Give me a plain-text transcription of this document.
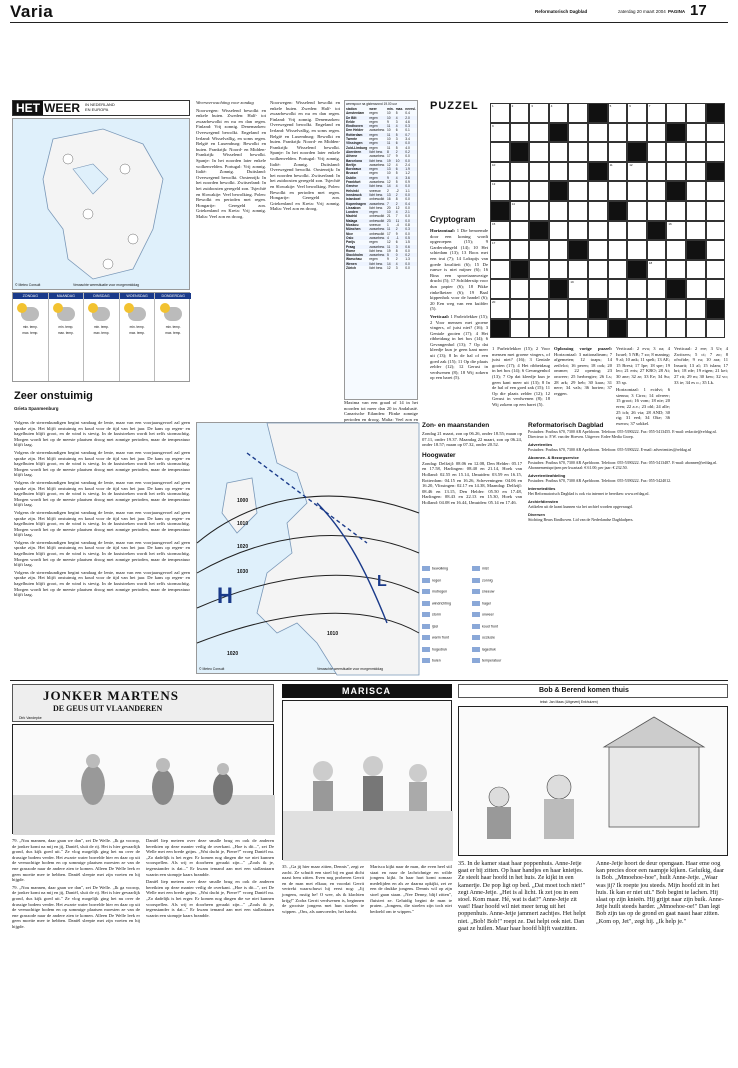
Varia	Reformatorisch Dagblad	zaterdag 20 maart 2004 PAGINA 17
HET WEER	IN NEDERLAND
EN EUROPA
© Meteo Consult	Verwachte weersituatie voor morgenmiddag
ZONDAG
min. temp.
max. temp.
MAANDAG
min. temp.
max. temp.
DINSDAG
min. temp.
max. temp.
WOENSDAG
min. temp.
max. temp.
DONDERDAG
min. temp.
max. temp.
Zeer onstuimig
Grieta Spanmenburg

Volgens de sterrenkundigen begint vandaag de lente, maar van een voorjaarsgevoel zal geen sprake zijn. Het blijft onstuimig en koud voor de tijd van het jaar. De kans op regen- en hagelbuien blijft groot, en de wind is stevig. In de kuststreken wordt het zelfs stormachtig. Morgen wordt het op de meeste plaatsen droog met zonnige perioden, maar de temperatuur blijft laag.

Volgens de sterrenkundigen begint vandaag de lente, maar van een voorjaarsgevoel zal geen sprake zijn. Het blijft onstuimig en koud voor de tijd van het jaar. De kans op regen- en hagelbuien blijft groot, en de wind is stevig. In de kuststreken wordt het zelfs stormachtig. Morgen wordt het op de meeste plaatsen droog met zonnige perioden, maar de temperatuur blijft laag.

Volgens de sterrenkundigen begint vandaag de lente, maar van een voorjaarsgevoel zal geen sprake zijn. Het blijft onstuimig en koud voor de tijd van het jaar. De kans op regen- en hagelbuien blijft groot, en de wind is stevig. In de kuststreken wordt het zelfs stormachtig. Morgen wordt het op de meeste plaatsen droog met zonnige perioden, maar de temperatuur blijft laag.

Volgens de sterrenkundigen begint vandaag de lente, maar van een voorjaarsgevoel zal geen sprake zijn. Het blijft onstuimig en koud voor de tijd van het jaar. De kans op regen- en hagelbuien blijft groot, en de wind is stevig. In de kuststreken wordt het zelfs stormachtig. Morgen wordt het op de meeste plaatsen droog met zonnige perioden, maar de temperatuur blijft laag.

Volgens de sterrenkundigen begint vandaag de lente, maar van een voorjaarsgevoel zal geen sprake zijn. Het blijft onstuimig en koud voor de tijd van het jaar. De kans op regen- en hagelbuien blijft groot, en de wind is stevig. In de kuststreken wordt het zelfs stormachtig. Morgen wordt het op de meeste plaatsen droog met zonnige perioden, maar de temperatuur blijft laag.

Volgens de sterrenkundigen begint vandaag de lente, maar van een voorjaarsgevoel zal geen sprake zijn. Het blijft onstuimig en koud voor de tijd van het jaar. De kans op regen- en hagelbuien blijft groot, en de wind is stevig. In de kuststreken wordt het zelfs stormachtig. Morgen wordt het op de meeste plaatsen droog met zonnige perioden, maar de temperatuur blijft laag.

Weersverwachting voor zondag

Noorwegen: Wisselend bewolkt en enkele buien. Zweden: Half- tot zwaarbewolkt en nu en dan regen. Finland: Vrij zonnig. Denemarken: Overwegend bewolkt. Engeland en Ierland: Wisselvallig, en soms regen. België en Luxemburg: Bewolkt en buien. Frankrijk: Noord- en Midden-Frankrijk: Wisselend bewolkt. Spanje: In het noorden later enkele wolkenvelden. Portugal: Vrij zonnig. Italië: Zonnig. Duitsland: Overwegend bewolkt. Oostenrijk: In het noorden bewolkt. Zwitserland: In het zuidoosten geregeld zon. Tsjechië en Slowakije: Veel bewolking. Polen: Bewolkt en perioden met regen. Hongarije: Geregeld zon. Griekenland en Kreta: Vrij zonnig. Malta: Veel zon en droog.

Noorwegen: Wisselend bewolkt en enkele buien. Zweden: Half- tot zwaarbewolkt en nu en dan regen. Finland: Vrij zonnig. Denemarken: Overwegend bewolkt. Engeland en Ierland: Wisselvallig, en soms regen. België en Luxemburg: Bewolkt en buien. Frankrijk: Noord- en Midden-Frankrijk: Wisselend bewolkt. Spanje: In het noorden later enkele wolkenvelden. Portugal: Vrij zonnig. Italië: Zonnig. Duitsland: Overwegend bewolkt. Oostenrijk: In het noorden bewolkt. Zwitserland: In het zuidoosten geregeld zon. Tsjechië en Slowakije: Veel bewolking. Polen: Bewolkt en perioden met regen. Hongarije: Geregeld zon. Griekenland en Kreta: Vrij zonnig. Malta: Veel zon en droog.

Maxima van een graad of 14 in het noorden tot meer dan 20 in Andalusië. Canarische Eilanden: Flinke zonnige perioden en droog. Malta: Veel zon en

weerspoor na gisteravond 19.00 uur
station	weer	min.	max.	neersl.
Amsterdam	regen	10	5	0.4
De Bilt	regen	10	4	2.0
Eelde	regen	9	3	4.6
Eindhoven	regen	11	4	0.3
Den Helder	zwaarbew.	10	6	0.1
Rotterdam	regen	11	5	0.7
Twente	regen	10	3	3.4
Vlissingen	regen	11	6	0.0
Zuid-Limburg	regen	11	5	4.0
Aberdeen	licht bew.	8	2	0.2
Athene	zwaarbew.	17	9	0.0
Barcelona	licht bew.	19	10	0.0
Berlijn	zwaarbew.	12	4	2.4
Bordeaux	regen	13	6	1.9
Brussel	regen	10	5	1.2
Dublin	regen	9	4	3.6
Frankfurt	zwaarbew.	12	5	0.9
Genève	licht bew.	14	4	0.0
Helsinki	sneeuw	2	-2	1.1
Innsbruck	licht bew.	13	2	0.0
Istanboel	onbewolkt	16	8	0.0
Kopenhagen	zwaarbew.	7	2	0.4
Lissabon	licht bew.	20	12	0.0
Londen	regen	10	4	2.1
Madrid	onbewolkt	21	7	0.0
Malaga	onbewolkt	23	11	0.0
Moskou	sneeuw	1	-4	0.8
München	zwaarbew.	11	2	0.3
Nice	onbewolkt	17	9	0.0
Oslo	zwaarbew.	4	-1	0.5
Parijs	regen	12	6	1.5
Praag	zwaarbew.	11	3	0.6
Rome	licht bew.	19	8	0.0
Stockholm	zwaarbew.	5	0	0.2
Warschau	regen	9	2	1.3
Wenen	licht bew.	14	4	0.0
Zürich	licht bew.	12	3	0.0
PUZZEL	1	2	3	4	5	6	7
9
10	11	12
13
14
15	16
17
18
19
20
Cryptogram

Horizontaal: 1 Die benoemde door een koning wordt opgeroepen (15); 9 Garderobegeld (14); 10 Het schiedam (13); 13 Boos met een trui (7); 14 Lokspijs van goede kwaliteit (6); 15 De runwe is niet mijner (6); 16 Bina een sproeiaanwezige drucht (5); 17 Schilderstip voor dun papier (6); 18 Pikke rinkelkeizer (6); 19 Baal kippenhok voor de handel (6); 20 Een weg van een kuifder (5).

Verticaal: 1 Parleirlekker (15); 2 Voor mensen met groene vingers, of juist niet? (16); 3 Geniale gooien (17); 4 Het ribbetdaug in het bos (14); 6 Gevangenhol (13); 7 Op dat kleedje kun je geen kant meer uit (13); 8 In de hal of een goed zak (15); 11 Op die plaats zelder (12); 12 Gerust in verdwenen (8); 18 Wij zokern op een baret (5).

1 Parleirlekker (15); 2 Voor mensen met groene vingers, of juist niet? (16); 3 Geniale gooien (17); 4 Het ribbetdaug in het bos (14); 6 Gevangenhol (13); 7 Op dat kleedje kun je geen kant meer uit (13); 8 In de hal of een goed zak (15); 11 Op die plaats zelder (12); 12 Gerust in verdwenen (8); 18 Wij zokern op een baret (5).

Oplossing vorige puzzel: Horizontaal: 3 nationalteam; 7 afgemeten; 12 toaps; 14 zeilvlot; 16 peren; 18 ook; 20 ommer; 22 opening; 23 onweer; 25 herbergier; 26 Ls; 28 ark; 29 heb; 30 kaas; 31 nere; 34 vals; 36 horten; 37 reggen.

Verticaal: 2 eva; 3 oa; 4 Israel; 5 NB; 7 zo; 8 maning; 9 al; 10 ank; 11 spelt; 13 AE; 15 Brest; 17 Ipe; 18 spe; 19 leo; 21 erts; 27 KRO; 28 Ai; 30 ane; 32 ar; 33 Ee; 34 Su; 35 sp.

Horizontaal: 1 ecidvt; 6 sienna; 3 Cirrx; 14 ofereer; 15 groot; 16 vom; 18 nie; 20 eren; 22 a.v.; 23 ohl; 24 alle; 25 ich; 26 via; 28 AND; 30 rig; 31 eed; 34 Oke; 36 exeros; 37 sokkel.

Verticaal: 2 ere; 3 Ur; 4 Zwitsers; 5 ct; 7 zo; 8 ofwftde; 9 ru; 10 ara; 11 Insurit; 13 al; 15 islam; 17 bri; 18 rde; 19 eigen; 21 kei; 27 rit; 29 m; 30 kew; 32 vo; 33 ie; 34 es o.; 35 Lk.

1000
1010
1020
1030
1010
1020
H
L
© Meteo Consult	Verwachte weersituatie voor morgenmiddag
Zon- en maanstanden
Zondag 21 maart, zon op 06.26, onder 18.55; maan op 07.11, onder 19.37. Maandag 22 maart, zon op 06.24, onder 18.57; maan op 07.32, onder 20.52.
Hoogwater
Zondag: Delfzijl: 08.06 en 12.08, Den Helder: 05.17 en 17.58, Harlingen: 08.40 en 21.14, Hoek van Holland: 02.55 en 15.14, IJmuiden: 03.59 en 16.15, Rotterdam: 04.15 en 16.26, Scheveningen: 04.06 en 16.20, Vlissingen: 02.17 en 14.38, Maandag: Delfzijl: 08.46 en 13.15, Den Helder: 05.50 en 17.48, Harlingen: 08.43 en 22.13 en 15.30, Hoek van Holland: 04.08 en 16.44, IJmuiden: 05.14 en 17.46.
bewolking	mist
regen	zonnig
motregen	sneeuw
windrichting	hagel
storm	onweer
ijzel	koud front
warm front	occlusie
hogedruk	lagedruk
buien	temperatuur
Reformatorisch Dagblad
Postadres: Postbus 670, 7300 AR Apeldoorn. Telefoon: 055-5390222. Fax: 055-5413455. E-mail: redactie@refdag.nl. Directeur: ir. F.W. van der Hoeven. Uitgever: Erdee Media Groep.
Advertenties
Postadres: Postbus 670, 7300 AR Apeldoorn. Telefoon: 055-5390222. E-mail: advertenties@refdag.nl
Abonnee- & Bezorgservice
Postadres: Postbus 670, 7300 AR Apeldoorn. Telefoon: 055-5390222. Fax: 055-5413487. E-mail: abonnee@refdag.nl. Abonnementsprijzen per kwartaal: € 61.00; per jaar: € 232.50.
Advertentieafdeling
Postadres: Postbus 670, 7300 AR Apeldoorn. Telefoon: 055-5390222. Fax: 055-5424012.
Internetedities
Het Reformatorisch Dagblad is ook via internet te bereiken: www.refdag.nl.
Archiefdiensten
Artikelen uit de krant kunnen via het archief worden opgevraagd.
Diversen
Stichting Beurs Eindhoven. Lid van de Nederlandse Dagbladpers.
JONKER MARTENS
DE GEUS UIT VLAANDEREN
Dirk Vandepke

79. „Nou mannen, daar gaan we dan", zei De Welle. „Ik ga voorop, de jonker komt na mij en jij, Daniël, sluit de rij. Het is hier gevaarlijk grond, dus kijk goed uit." Ze vlog mogelijk ging het nu over de drassige bodem verder. Het zwarte water borrelde hier en daar op uit de veenachtige bodem en op sommige plaatsen moesten ze van de ene graszode naar de andere zien te komen. Alleen De Welle leek er geen moeite mee te hebben. Daniël sleepte met zijn voeten en hij hijgde.

79. „Nou mannen, daar gaan we dan", zei De Welle. „Ik ga voorop, de jonker komt na mij en jij, Daniël, sluit de rij. Het is hier gevaarlijk grond, dus kijk goed uit." Ze vlog mogelijk ging het nu over de drassige bodem verder. Het zwarte water borrelde hier en daar op uit de veenachtige bodem en op sommige plaatsen moesten ze van de ene graszode naar de andere zien te komen. Alleen De Welle leek er geen moeite mee te hebben. Daniël sleepte met zijn voeten en hij hijgde.

Daniël liep meteen over deze smalle brug en ook de anderen bereikten op deze manier veilig de overkant. „Hoe is dit...", zei De Welle met een brede grijns. „Wat dacht je, Pierre?" vroeg Daniël nu. „Zo dadelijk is het erger. Er komen nog dingen die we niet kunnen voorspellen. Als wij er doorheen geraakt zijn..." „Zoals ik je, tegenstander is dat..." Er kwam iemand aan met een stallantaarn waarin een stompje kaars brandde.

Daniël liep meteen over deze smalle brug en ook de anderen bereikten op deze manier veilig de overkant. „Hoe is dit...", zei De Welle met een brede grijns. „Wat dacht je, Pierre?" vroeg Daniël nu. „Zo dadelijk is het erger. Er komen nog dingen die we niet kunnen voorspellen. Als wij er doorheen geraakt zijn..." „Zoals ik je, tegenstander is dat..." Er kwam iemand aan met een stallantaarn waarin een stompje kaars brandde.

MARISCA

35. „Ga jij hier maar zitten, Dennis", zegt ze zacht. Ze schuift een stoel bij en gaat dicht naast hem zitten. Even nog proberen Gerrit en de man met elkaar, en voordat Gerrit vertrekt waarschuwt hij eerst nog: „Jij jongens, rustig he! O wee, als ik klachten krijg!" Zodra Gerrit verdwenen is, beginnen de grootste jongens met hun stoelen te wippen. „Ons, als aanvoerder, het hardst.

Marisca kijkt naar de man, die even heel stil staat en naar de lachrichnige en wilde jongens kijkt. In haar hart komt zomaar medelijden en als ze daarna opkijkt, zet ze een de drukke jongens. Dennis wil op zijn stoel gaan staan. „Nee Denny, blijf zitten", fluistert ze. Geluidig begint de man te praten. „Jongens, die stoelen zijn toch niet bedoeld om te wippen."

Bob & Berend komen thuis
tekst: Jan Maas (Uitgeverij Enkhuizen)

35. In de kamer staat haar poppenhuis. Anne-Jetje gaat er bij zitten. Op haar handjes en haar knietjes. Ze steelt haar hoofd in het huis. Ze kijkt in een kamertje. De pop ligt op bed. „Dat moet toch niet!" zegt Anne-Jetje. „Het is al licht. Ik zet jou in een stoel. Kom maar. Hé, wat is dat?" Anne-Jetje zit vast! Haar hoofd wil niet meer terug uit het poppenhuis. Anne-Jetje jammert zachtjes. Het helpt niet. „Bob! Bob!" roept ze. Dat helpt ook niet. Dan gaat ze huilen. Maar haar hoofd blijft vastzitten.

Anne-Jetje hoort de deur opengaan. Haar eme oog kan precies door een raampje kijken. Geluikig, daar is Bob. „Mmoehoe-hoe", huilt Anne-Jetje. „Waar was jij? Ik roepte jou steeds. Mijn hoofd zit in het huis. Ik kan er niet uit." Bob begint te lachen. Hij slaat op zijn knieën. Hij grijpt naar zijn buik. Anne-Jetje huilt steeds harder. „Mmoehoe-oe!" Dan legt Bob zijn tas op de grond en gaat naast haar zitten. „Kom op, Jet", zegt hij. „Ik help je."
